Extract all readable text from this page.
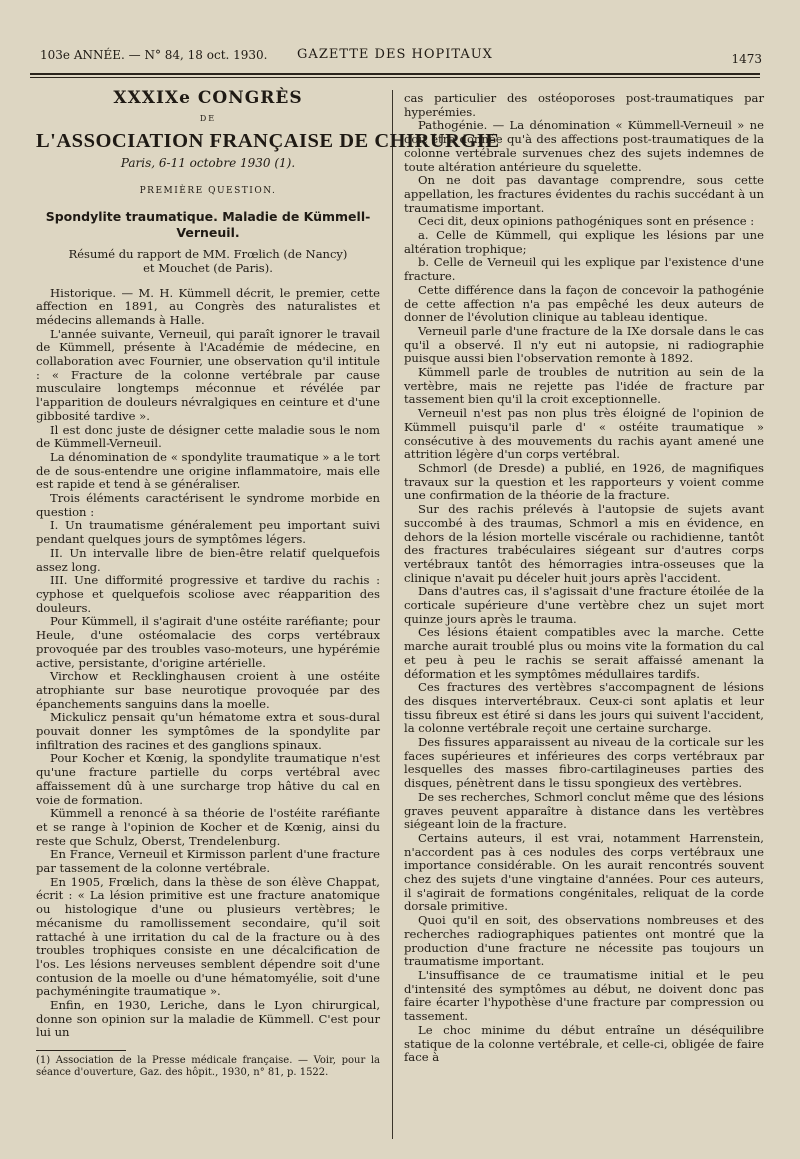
103e ANNÉE. — N° 84, 18 oct. 1930.	GAZETTE DES HOPITAUX	1473
XXXIXe CONGRÈS
DE
L'ASSOCIATION FRANÇAISE DE CHIRURGIE
Paris, 6-11 octobre 1930 (1).
PREMIÈRE QUESTION.
Spondylite traumatique. Maladie de Kümmell-Verneuil.
Résumé du rapport de MM. Frœlich (de Nancy)
et Mouchet (de Paris).

Historique. — M. H. Kümmell décrit, le premier, cette affection en 1891, au Congrès des naturalistes et médecins allemands à Halle.

L'année suivante, Verneuil, qui paraît ignorer le travail de Kümmell, présente à l'Académie de médecine, en collaboration avec Fournier, une observation qu'il intitule : « Fracture de la colonne vertébrale par cause musculaire longtemps méconnue et révélée par l'apparition de douleurs névralgiques en ceinture et d'une gibbosité tardive ».

Il est donc juste de désigner cette maladie sous le nom de Kümmell-Verneuil.

La dénomination de « spondylite traumatique » a le tort de de sous-entendre une origine inflammatoire, mais elle est rapide et tend à se généraliser.

Trois éléments caractérisent le syndrome morbide en question :

I. Un traumatisme généralement peu important suivi pendant quelques jours de symptômes légers.

II. Un intervalle libre de bien-être relatif quelquefois assez long.

III. Une difformité progressive et tardive du rachis : cyphose et quelquefois scoliose avec réapparition des douleurs.

Pour Kümmell, il s'agirait d'une ostéite raréfiante; pour Heule, d'une ostéomalacie des corps vertébraux provoquée par des troubles vaso-moteurs, une hypérémie active, persistante, d'origine artérielle.

Virchow et Recklinghausen croient à une ostéite atrophiante sur base neurotique provoquée par des épanchements sanguins dans la moelle.

Mickulicz pensait qu'un hématome extra et sous-dural pouvait donner les symptômes de la spondylite par infiltration des racines et des ganglions spinaux.

Pour Kocher et Kœnig, la spondylite traumatique n'est qu'une fracture partielle du corps vertébral avec affaissement dû à une surcharge trop hâtive du cal en voie de formation.

Kümmell a renoncé à sa théorie de l'ostéite raréfiante et se range à l'opinion de Kocher et de Kœnig, ainsi du reste que Schulz, Oberst, Trendelenburg.

En France, Verneuil et Kirmisson parlent d'une fracture par tassement de la colonne vertébrale.

En 1905, Frœlich, dans la thèse de son élève Chappat, écrit : « La lésion primitive est une fracture anatomique ou histologique d'une ou plusieurs vertèbres; le mécanisme du ramollissement secondaire, qu'il soit rattaché à une irritation du cal de la fracture ou à des troubles trophiques consiste en une décalcification de l'os. Les lésions nerveuses semblent dépendre soit d'une contusion de la moelle ou d'une hématomyélie, soit d'une pachyméningite traumatique ».

Enfin, en 1930, Leriche, dans le Lyon chirurgical, donne son opinion sur la maladie de Kümmell. C'est pour lui un

(1) Association de la Presse médicale française. — Voir, pour la séance d'ouverture, Gaz. des hôpit., 1930, n° 81, p. 1522.

cas particulier des ostéoporoses post-traumatiques par hyperémies.

Pathogénie. — La dénomination « Kümmell-Verneuil » ne doit être donnée qu'à des affections post-traumatiques de la colonne vertébrale survenues chez des sujets indemnes de toute altération antérieure du squelette.

On ne doit pas davantage comprendre, sous cette appellation, les fractures évidentes du rachis succédant à un traumatisme important.

Ceci dit, deux opinions pathogéniques sont en présence :

a. Celle de Kümmell, qui explique les lésions par une altération trophique;

b. Celle de Verneuil qui les explique par l'existence d'une fracture.

Cette différence dans la façon de concevoir la pathogénie de cette affection n'a pas empêché les deux auteurs de donner de l'évolution clinique au tableau identique.

Verneuil parle d'une fracture de la IXe dorsale dans le cas qu'il a observé. Il n'y eut ni autopsie, ni radiographie puisque aussi bien l'observation remonte à 1892.

Kümmell parle de troubles de nutrition au sein de la vertèbre, mais ne rejette pas l'idée de fracture par tassement bien qu'il la croit exceptionnelle.

Verneuil n'est pas non plus très éloigné de l'opinion de Kümmell puisqu'il parle d' « ostéite traumatique » consécutive à des mouvements du rachis ayant amené une attrition légère d'un corps vertébral.

Schmorl (de Dresde) a publié, en 1926, de magnifiques travaux sur la question et les rapporteurs y voient comme une confirmation de la théorie de la fracture.

Sur des rachis prélevés à l'autopsie de sujets avant succombé à des traumas, Schmorl a mis en évidence, en dehors de la lésion mortelle viscérale ou rachidienne, tantôt des fractures trabéculaires siégeant sur d'autres corps vertébraux tantôt des hémorragies intra-osseuses que la clinique n'avait pu déceler huit jours après l'accident.

Dans d'autres cas, il s'agissait d'une fracture étoilée de la corticale supérieure d'une vertèbre chez un sujet mort quinze jours après le trauma.

Ces lésions étaient compatibles avec la marche. Cette marche aurait troublé plus ou moins vite la formation du cal et peu à peu le rachis se serait affaissé amenant la déformation et les symptômes médullaires tardifs.

Ces fractures des vertèbres s'accompagnent de lésions des disques intervertébraux. Ceux-ci sont aplatis et leur tissu fibreux est étiré si dans les jours qui suivent l'accident, la colonne vertébrale reçoit une certaine surcharge.

Des fissures apparaissent au niveau de la corticale sur les faces supérieures et inférieures des corps vertébraux par lesquelles des masses fibro-cartilagineuses parties des disques, pénètrent dans le tissu spongieux des vertèbres.

De ses recherches, Schmorl conclut même que des lésions graves peuvent apparaître à distance dans les vertèbres siégeant loin de la fracture.

Certains auteurs, il est vrai, notamment Harrenstein, n'accordent pas à ces nodules des corps vertébraux une importance considérable. On les aurait rencontrés souvent chez des sujets d'une vingtaine d'années. Pour ces auteurs, il s'agirait de formations congénitales, reliquat de la corde dorsale primitive.

Quoi qu'il en soit, des observations nombreuses et des recherches radiographiques patientes ont montré que la production d'une fracture ne nécessite pas toujours un traumatisme important.

L'insuffisance de ce traumatisme initial et le peu d'intensité des symptômes au début, ne doivent donc pas faire écarter l'hypothèse d'une fracture par compression ou tassement.

Le choc minime du début entraîne un déséquilibre statique de la colonne vertébrale, et celle-ci, obligée de faire face à
